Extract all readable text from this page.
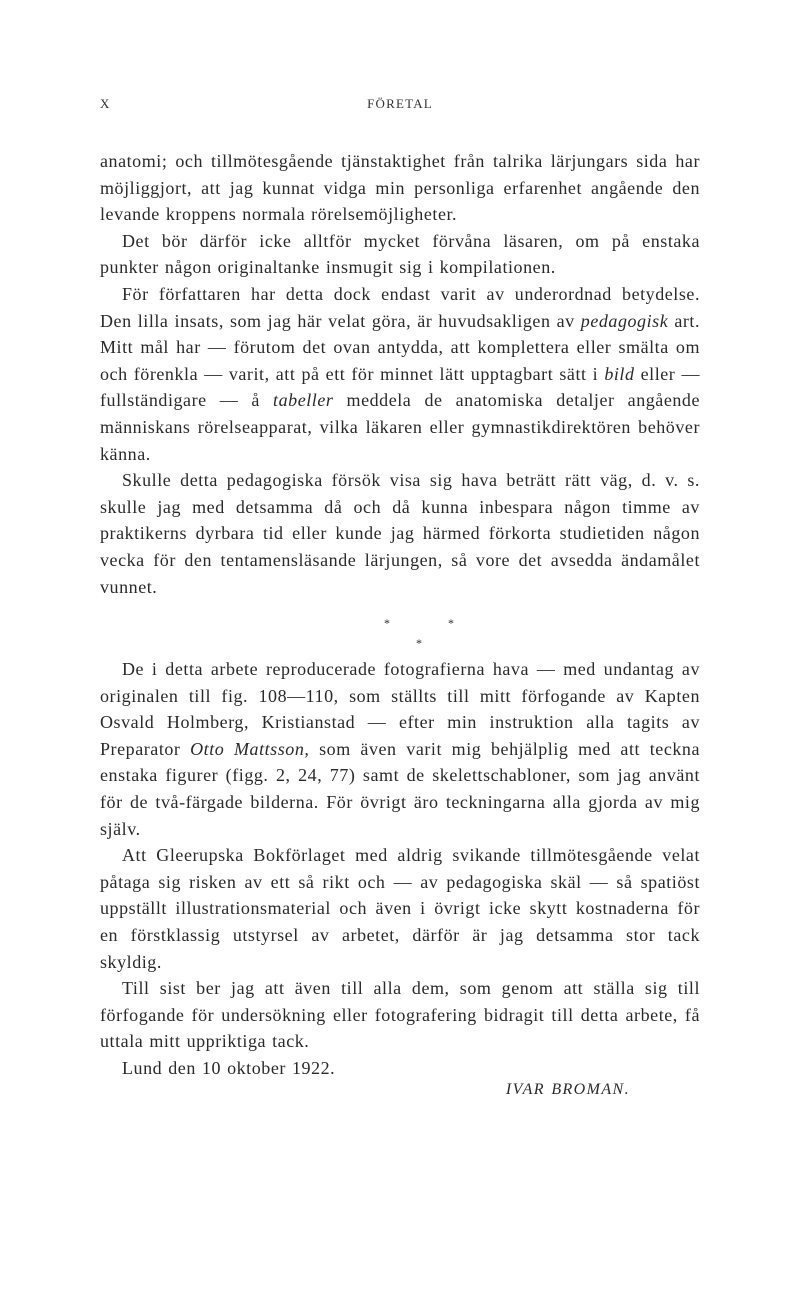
X	FÖRETAL

anatomi; och tillmötesgående tjänstaktighet från talrika lärjungars sida har möjliggjort, att jag kunnat vidga min personliga erfarenhet angående den levande kroppens normala rörelsemöjligheter.

Det bör därför icke alltför mycket förvåna läsaren, om på enstaka punkter någon originaltanke insmugit sig i kompilationen.

För författaren har detta dock endast varit av underordnad betydelse. Den lilla insats, som jag här velat göra, är huvudsakligen av pedagogisk art. Mitt mål har — förutom det ovan antydda, att komplettera eller smälta om och förenkla — varit, att på ett för minnet lätt upptagbart sätt i bild eller — fullständigare — å tabeller meddela de anatomiska detaljer angående människans rörelseapparat, vilka läkaren eller gymnastikdirektören behöver känna.

Skulle detta pedagogiska försök visa sig hava beträtt rätt väg, d. v. s. skulle jag med detsamma då och då kunna inbespara någon timme av praktikerns dyrbara tid eller kunde jag härmed förkorta studietiden någon vecka för den tentamensläsande lärjungen, så vore det avsedda ändamålet vunnet.

*	*
*

De i detta arbete reproducerade fotografierna hava — med undantag av originalen till fig. 108—110, som ställts till mitt förfogande av Kapten Osvald Holmberg, Kristianstad — efter min instruktion alla tagits av Preparator Otto Mattsson, som även varit mig behjälplig med att teckna enstaka figurer (figg. 2, 24, 77) samt de skelettschabloner, som jag använt för de två-färgade bilderna. För övrigt äro teckningarna alla gjorda av mig själv.

Att Gleerupska Bokförlaget med aldrig svikande tillmötesgående velat påtaga sig risken av ett så rikt och — av pedagogiska skäl — så spatiöst uppställt illustrationsmaterial och även i övrigt icke skytt kostnaderna för en förstklassig utstyrsel av arbetet, därför är jag detsamma stor tack skyldig.

Till sist ber jag att även till alla dem, som genom att ställa sig till förfogande för undersökning eller fotografering bidragit till detta arbete, få uttala mitt uppriktiga tack.

Lund den 10 oktober 1922.
IVAR BROMAN.
